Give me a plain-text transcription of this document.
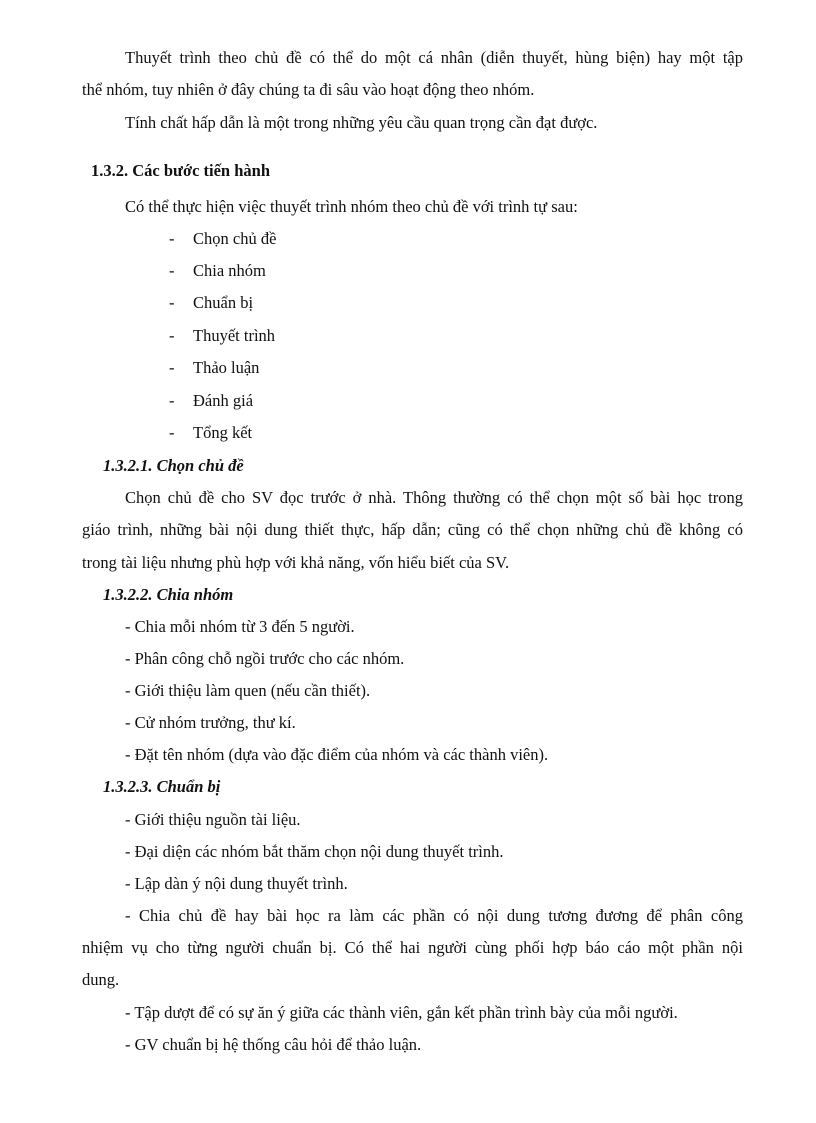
Thuyết trình theo chủ đề có thể do một cá nhân (diễn thuyết, hùng biện) hay một tập
thể nhóm, tuy nhiên ở đây chúng ta đi sâu vào hoạt động theo nhóm.
Tính chất hấp dẫn là một trong những yêu cầu quan trọng cần đạt được.
1.3.2. Các bước tiến hành
Có thể thực hiện việc thuyết trình nhóm theo chủ đề với trình tự sau:
- Chọn chủ đề
- Chia nhóm
- Chuẩn bị
- Thuyết trình
- Thảo luận
- Đánh giá
- Tổng kết
1.3.2.1. Chọn chủ đề
Chọn chủ đề cho SV đọc trước ở nhà. Thông thường có thể chọn một số bài học trong
giáo trình, những bài nội dung thiết thực, hấp dẫn; cũng có thể chọn những chủ đề không có
trong tài liệu nhưng phù hợp với khả năng, vốn hiểu biết của SV.
1.3.2.2. Chia nhóm
- Chia mỗi nhóm từ 3 đến 5 người.
- Phân công chỗ ngồi trước cho các nhóm.
- Giới thiệu làm quen (nếu cần thiết).
- Cử nhóm trưởng, thư kí.
- Đặt tên nhóm (dựa vào đặc điểm của nhóm và các thành viên).
1.3.2.3. Chuẩn bị
- Giới thiệu nguồn tài liệu.
- Đại diện các nhóm bắt thăm chọn nội dung thuyết trình.
- Lập dàn ý nội dung thuyết trình.
- Chia chủ đề hay bài học ra làm các phần có nội dung tương đương để phân công
nhiệm vụ cho từng người chuẩn bị. Có thể hai người cùng phối hợp báo cáo một phần nội
dung.
- Tập dượt để có sự ăn ý giữa các thành viên, gắn kết phần trình bày của mỗi người.
- GV chuẩn bị hệ thống câu hỏi để thảo luận.
